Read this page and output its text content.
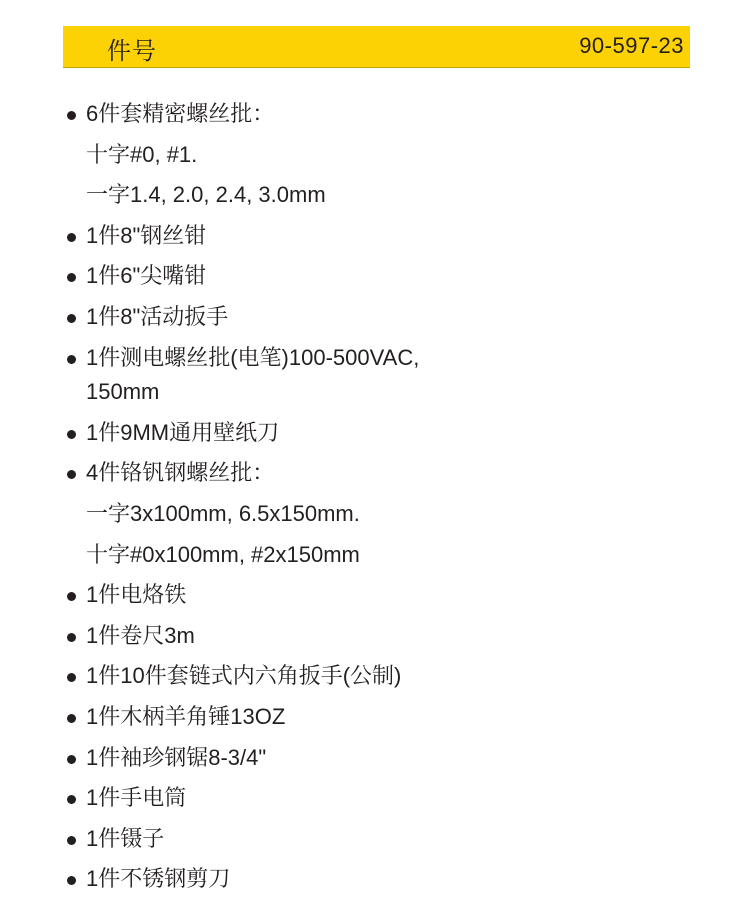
件号	90-597-23
6件套精密螺丝批：
十字#0, #1.
一字1.4, 2.0, 2.4, 3.0mm
1件8"钢丝钳
1件6"尖嘴钳
1件8"活动扳手
1件测电螺丝批(电笔)100-500VAC,
150mm
1件9MM通用壁纸刀
4件铬钒钢螺丝批：
一字3x100mm, 6.5x150mm.
十字#0x100mm, #2x150mm
1件电烙铁
1件卷尺3m
1件10件套链式内六角扳手(公制)
1件木柄羊角锤13OZ
1件袖珍钢锯8-3/4"
1件手电筒
1件镊子
1件不锈钢剪刀
